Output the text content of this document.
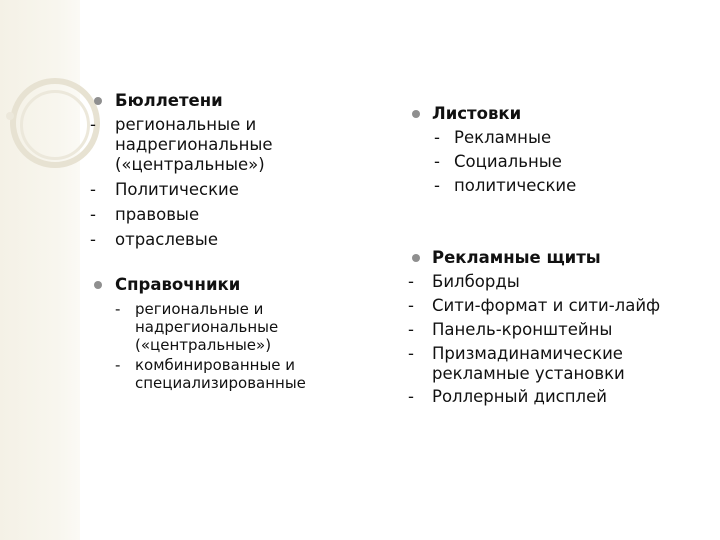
Бюллетени
- региональные и надрегиональные («центральные»)
- Политические
- правовые
- отраслевые
Справочники
- региональные и надрегиональные («центральные»)
- комбинированные и специализированные
Листовки
- Рекламные
- Социальные
- политические
Рекламные щиты
- Билборды
- Сити-формат и сити-лайф
- Панель-кронштейны
- Призмадинамические рекламные установки
- Роллерный дисплей
